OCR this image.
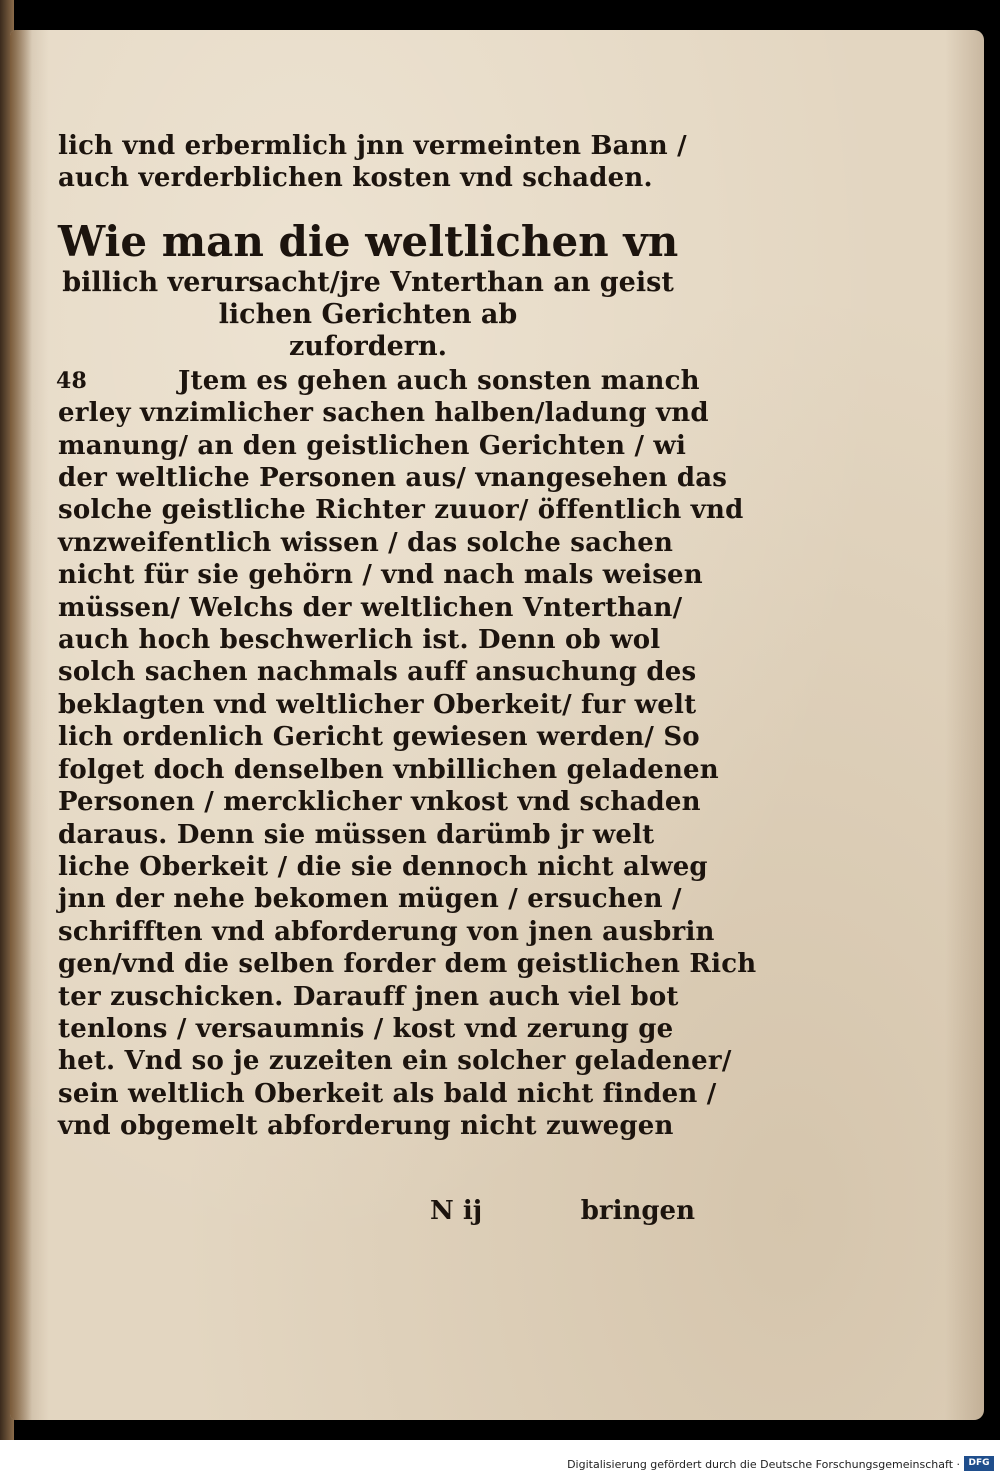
lich vnd erbermlich jnn vermeinten Bann /
auch verderblichen kosten vnd schaden.
Wie man die weltlichen vn
billich verursacht/jre Vnterthan an geist
lichen Gerichten ab
zufordern.
48	Jtem es gehen auch sonsten manch
erley vnzimlicher sachen halben/ladung vnd
manung/ an den geistlichen Gerichten / wi
der weltliche Personen aus/ vnangesehen das
solche geistliche Richter zuuor/ öffentlich vnd
vnzweifentlich wissen / das solche sachen
nicht für sie gehörn / vnd nach mals weisen
müssen/ Welchs der weltlichen Vnterthan/
auch hoch beschwerlich ist. Denn ob wol
solch sachen nachmals auff ansuchung des
beklagten vnd weltlicher Oberkeit/ fur welt
lich ordenlich Gericht gewiesen werden/ So
folget doch denselben vnbillichen geladenen
Personen / mercklicher vnkost vnd schaden
daraus. Denn sie müssen darümb jr welt
liche Oberkeit / die sie dennoch nicht alweg
jnn der nehe bekomen mügen / ersuchen /
schrifften vnd abforderung von jnen ausbrin
gen/vnd die selben forder dem geistlichen Rich
ter zuschicken. Darauff jnen auch viel bot
tenlons / versaumnis / kost vnd zerung ge
het. Vnd so je zuzeiten ein solcher geladener/
sein weltlich Oberkeit als bald nicht finden /
vnd obgemelt abforderung nicht zuwegen
N ij	bringen
Digitalisierung gefördert durch die Deutsche Forschungsgemeinschaft · DFG
